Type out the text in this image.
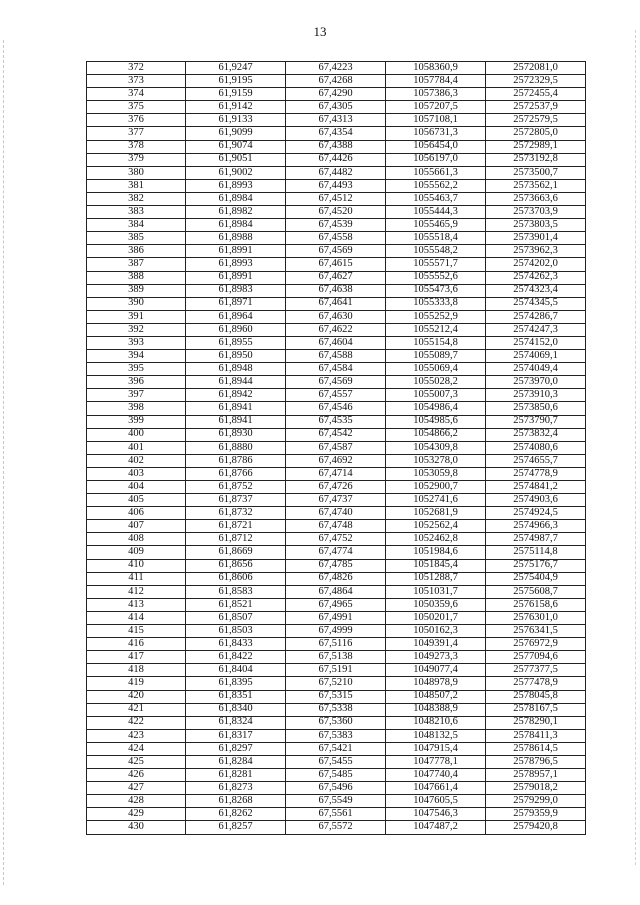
13
372	61,9247	67,4223	1058360,9	2572081,0
373	61,9195	67,4268	1057784,4	2572329,5
374	61,9159	67,4290	1057386,3	2572455,4
375	61,9142	67,4305	1057207,5	2572537,9
376	61,9133	67,4313	1057108,1	2572579,5
377	61,9099	67,4354	1056731,3	2572805,0
378	61,9074	67,4388	1056454,0	2572989,1
379	61,9051	67,4426	1056197,0	2573192,8
380	61,9002	67,4482	1055661,3	2573500,7
381	61,8993	67,4493	1055562,2	2573562,1
382	61,8984	67,4512	1055463,7	2573663,6
383	61,8982	67,4520	1055444,3	2573703,9
384	61,8984	67,4539	1055465,9	2573803,5
385	61,8988	67,4558	1055518,4	2573901,4
386	61,8991	67,4569	1055548,2	2573962,3
387	61,8993	67,4615	1055571,7	2574202,0
388	61,8991	67,4627	1055552,6	2574262,3
389	61,8983	67,4638	1055473,6	2574323,4
390	61,8971	67,4641	1055333,8	2574345,5
391	61,8964	67,4630	1055252,9	2574286,7
392	61,8960	67,4622	1055212,4	2574247,3
393	61,8955	67,4604	1055154,8	2574152,0
394	61,8950	67,4588	1055089,7	2574069,1
395	61,8948	67,4584	1055069,4	2574049,4
396	61,8944	67,4569	1055028,2	2573970,0
397	61,8942	67,4557	1055007,3	2573910,3
398	61,8941	67,4546	1054986,4	2573850,6
399	61,8941	67,4535	1054985,6	2573790,7
400	61,8930	67,4542	1054866,2	2573832,4
401	61,8880	67,4587	1054309,8	2574080,6
402	61,8786	67,4692	1053278,0	2574655,7
403	61,8766	67,4714	1053059,8	2574778,9
404	61,8752	67,4726	1052900,7	2574841,2
405	61,8737	67,4737	1052741,6	2574903,6
406	61,8732	67,4740	1052681,9	2574924,5
407	61,8721	67,4748	1052562,4	2574966,3
408	61,8712	67,4752	1052462,8	2574987,7
409	61,8669	67,4774	1051984,6	2575114,8
410	61,8656	67,4785	1051845,4	2575176,7
411	61,8606	67,4826	1051288,7	2575404,9
412	61,8583	67,4864	1051031,7	2575608,7
413	61,8521	67,4965	1050359,6	2576158,6
414	61,8507	67,4991	1050201,7	2576301,0
415	61,8503	67,4999	1050162,3	2576341,5
416	61,8433	67,5116	1049391,4	2576972,9
417	61,8422	67,5138	1049273,3	2577094,6
418	61,8404	67,5191	1049077,4	2577377,5
419	61,8395	67,5210	1048978,9	2577478,9
420	61,8351	67,5315	1048507,2	2578045,8
421	61,8340	67,5338	1048388,9	2578167,5
422	61,8324	67,5360	1048210,6	2578290,1
423	61,8317	67,5383	1048132,5	2578411,3
424	61,8297	67,5421	1047915,4	2578614,5
425	61,8284	67,5455	1047778,1	2578796,5
426	61,8281	67,5485	1047740,4	2578957,1
427	61,8273	67,5496	1047661,4	2579018,2
428	61,8268	67,5549	1047605,5	2579299,0
429	61,8262	67,5561	1047546,3	2579359,9
430	61,8257	67,5572	1047487,2	2579420,8
